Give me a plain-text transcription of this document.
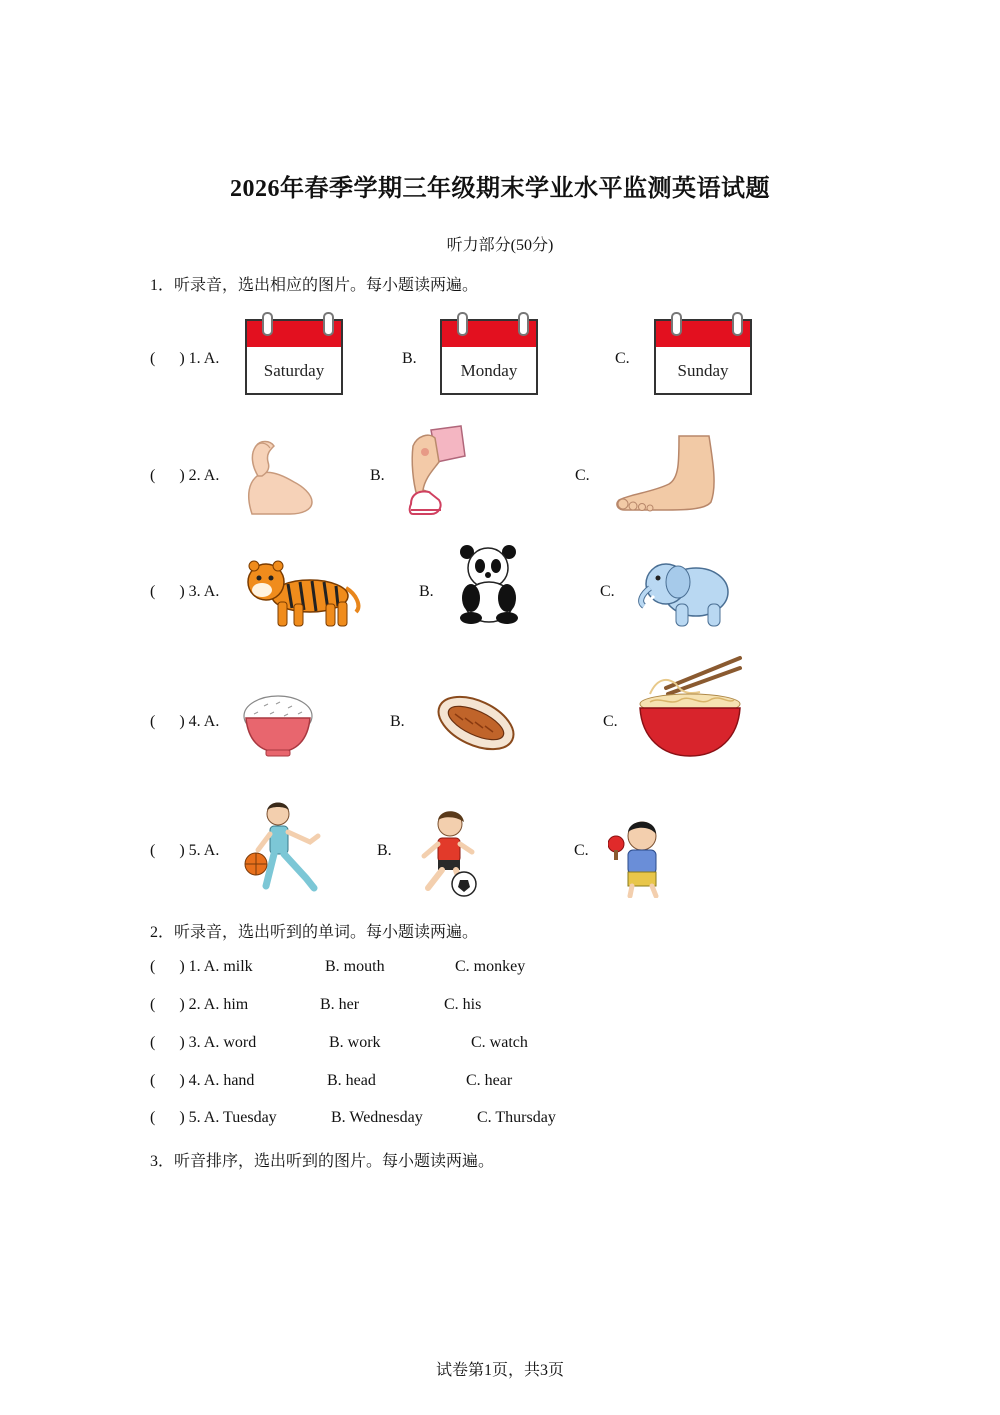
2026年春季学期三年级期末学业水平监测英语试题
听力部分(50分)
1．听录音，选出相应的图片。每小题读两遍。
(      ) 1. A.
Saturday
B.
Monday
C.
Sunday
(      ) 2. A.	B.	C.
(      ) 3. A.	B.	C.
(      ) 4. A.	B.	C.
(      ) 5. A.	B.	C.
2．听录音，选出听到的单词。每小题读两遍。
(      ) 1. A. milk	B. mouth	C. monkey
(      ) 2. A. him	B. her	C. his
(      ) 3. A. word	B. work	C. watch
(      ) 4. A. hand	B. head	C. hear
(      ) 5. A. Tuesday	B. Wednesday	C. Thursday
3．听音排序，选出听到的图片。每小题读两遍。
试卷第1页，共3页
